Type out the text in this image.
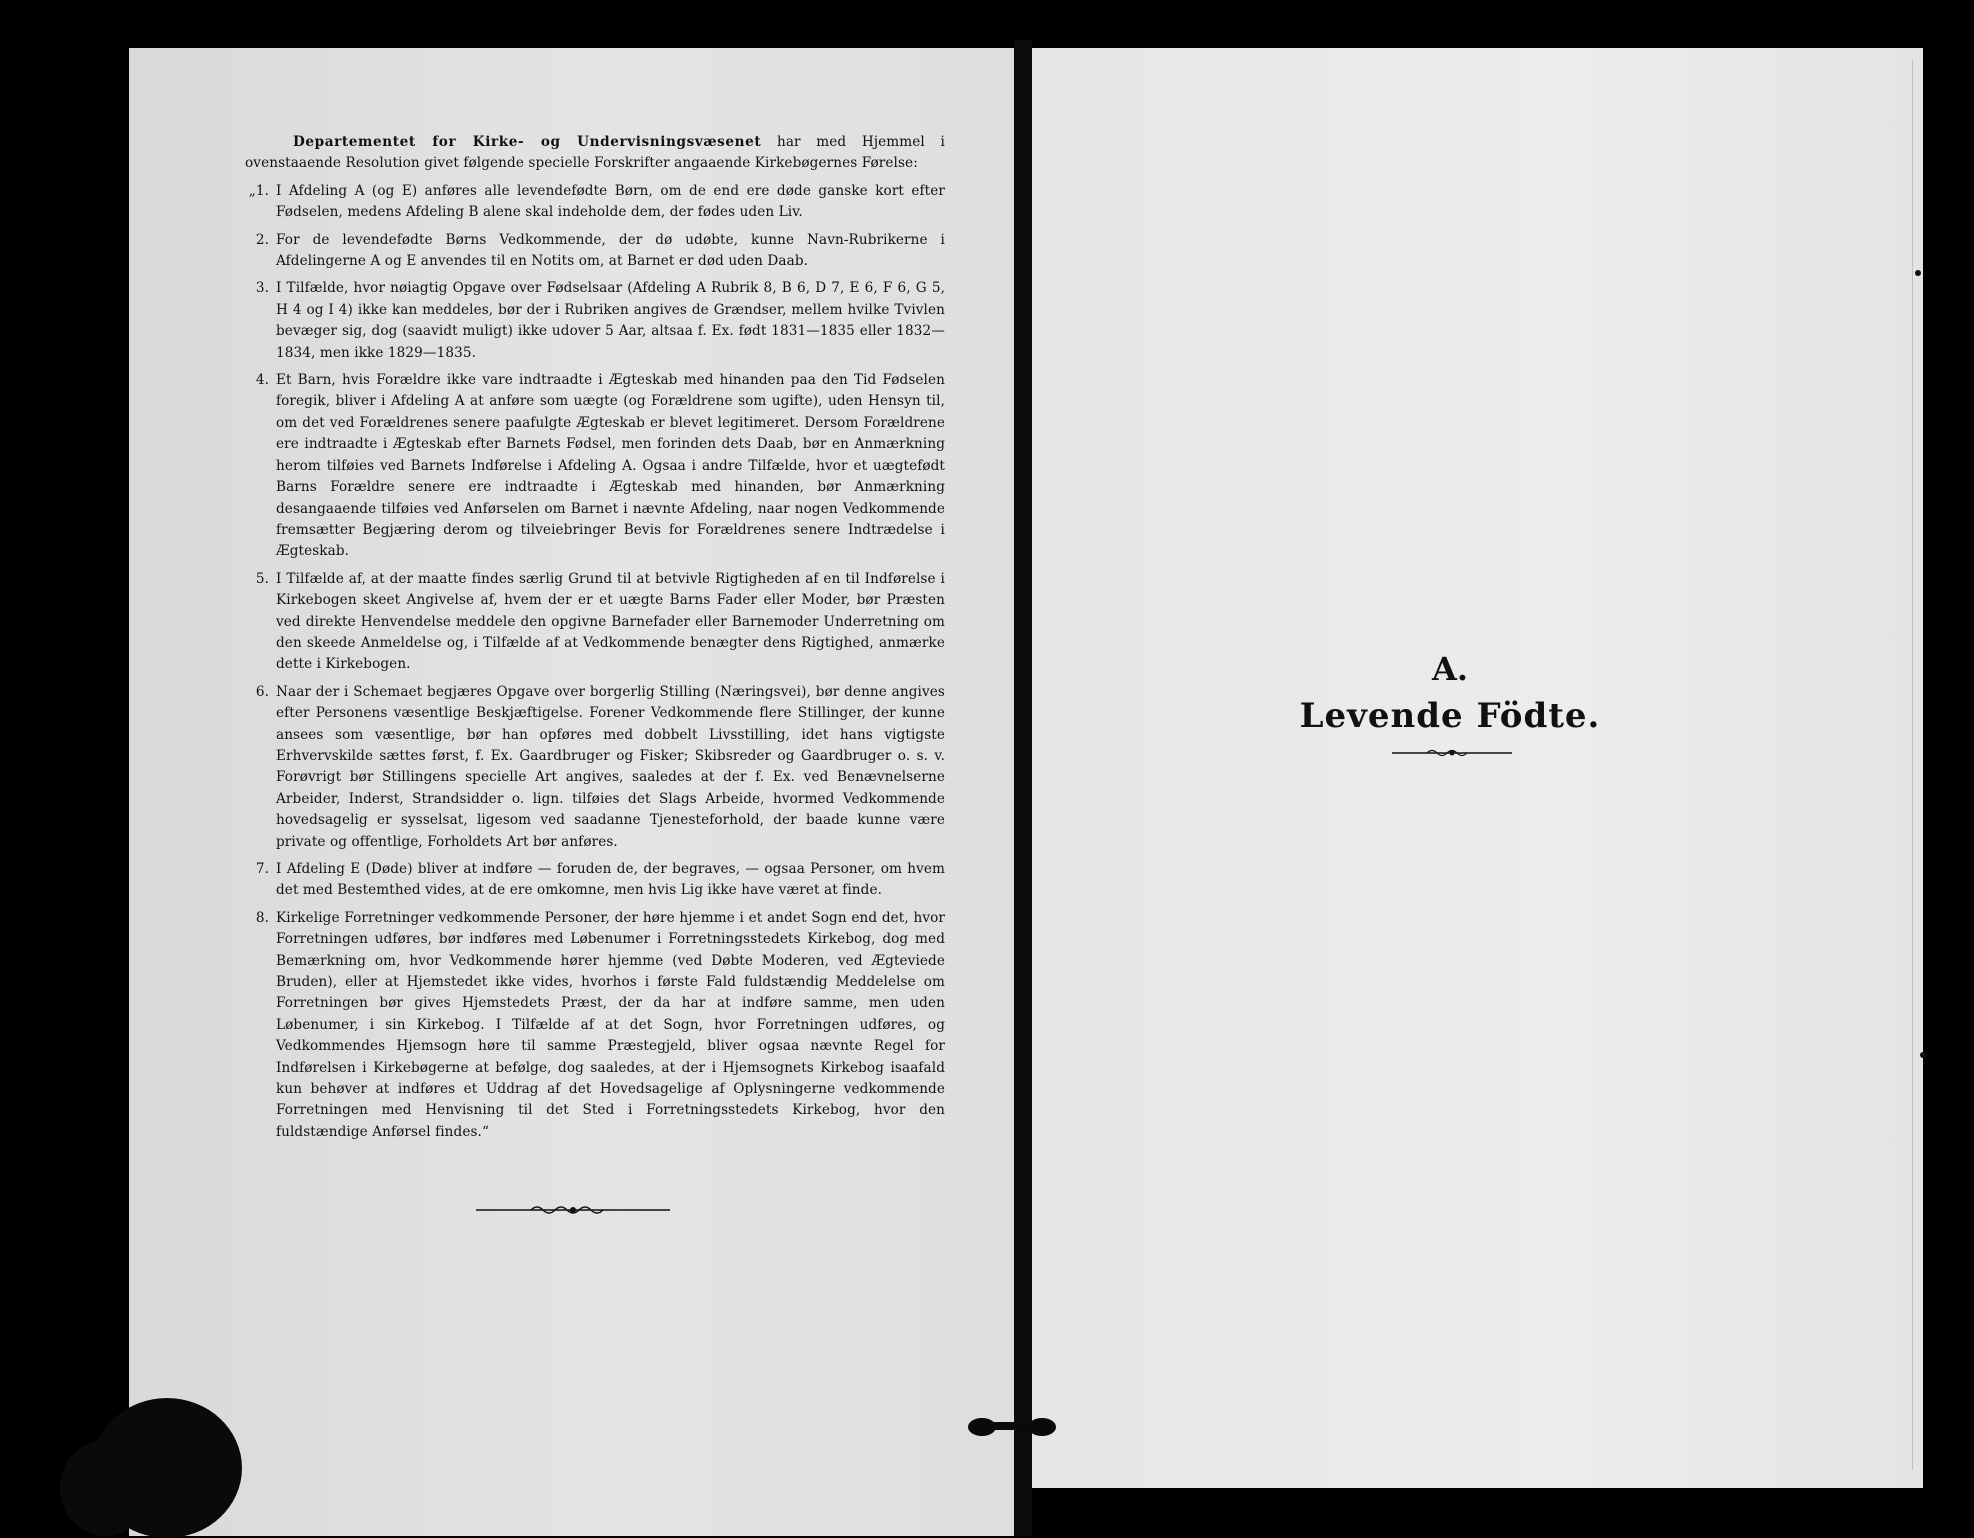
Departementet for Kirke- og Undervisningsvæsenet har med Hjemmel i ovenstaaende Resolution givet følgende specielle Forskrifter angaaende Kirkebøgernes Førelse:

„1. I Afdeling A (og E) anføres alle levendefødte Børn, om de end ere døde ganske kort efter Fødselen, medens Afdeling B alene skal indeholde dem, der fødes uden Liv.
2. For de levendefødte Børns Vedkommende, der dø udøbte, kunne Navn-Rubrikerne i Afdelingerne A og E anvendes til en Notits om, at Barnet er død uden Daab.
3. I Tilfælde, hvor nøiagtig Opgave over Fødselsaar (Afdeling A Rubrik 8, B 6, D 7, E 6, F 6, G 5, H 4 og I 4) ikke kan meddeles, bør der i Rubriken angives de Grændser, mellem hvilke Tvivlen bevæger sig, dog (saavidt muligt) ikke udover 5 Aar, altsaa f. Ex. født 1831—1835 eller 1832—1834, men ikke 1829—1835.
4. Et Barn, hvis Forældre ikke vare indtraadte i Ægteskab med hinanden paa den Tid Fødselen foregik, bliver i Afdeling A at anføre som uægte (og Forældrene som ugifte), uden Hensyn til, om det ved Forældrenes senere paafulgte Ægteskab er blevet legitimeret. Dersom Forældrene ere indtraadte i Ægteskab efter Barnets Fødsel, men forinden dets Daab, bør en Anmærkning herom tilføies ved Barnets Indførelse i Afdeling A. Ogsaa i andre Tilfælde, hvor et uægtefødt Barns Forældre senere ere indtraadte i Ægteskab med hinanden, bør Anmærkning desangaaende tilføies ved Anførselen om Barnet i nævnte Afdeling, naar nogen Vedkommende fremsætter Begjæring derom og tilveiebringer Bevis for Forældrenes senere Indtrædelse i Ægteskab.
5. I Tilfælde af, at der maatte findes særlig Grund til at betvivle Rigtigheden af en til Indførelse i Kirkebogen skeet Angivelse af, hvem der er et uægte Barns Fader eller Moder, bør Præsten ved direkte Henvendelse meddele den opgivne Barnefader eller Barnemoder Underretning om den skeede Anmeldelse og, i Tilfælde af at Vedkommende benægter dens Rigtighed, anmærke dette i Kirkebogen.
6. Naar der i Schemaet begjæres Opgave over borgerlig Stilling (Næringsvei), bør denne angives efter Personens væsentlige Beskjæftigelse. Forener Vedkommende flere Stillinger, der kunne ansees som væsentlige, bør han opføres med dobbelt Livsstilling, idet hans vigtigste Erhvervskilde sættes først, f. Ex. Gaardbruger og Fisker; Skibsreder og Gaardbruger o. s. v. Forøvrigt bør Stillingens specielle Art angives, saaledes at der f. Ex. ved Benævnelserne Arbeider, Inderst, Strandsidder o. lign. tilføies det Slags Arbeide, hvormed Vedkommende hovedsagelig er sysselsat, ligesom ved saadanne Tjenesteforhold, der baade kunne være private og offentlige, Forholdets Art bør anføres.
7. I Afdeling E (Døde) bliver at indføre — foruden de, der begraves, — ogsaa Personer, om hvem det med Bestemthed vides, at de ere omkomne, men hvis Lig ikke have været at finde.
8. Kirkelige Forretninger vedkommende Personer, der høre hjemme i et andet Sogn end det, hvor Forretningen udføres, bør indføres med Løbenumer i Forretningsstedets Kirkebog, dog med Bemærkning om, hvor Vedkommende hører hjemme (ved Døbte Moderen, ved Ægteviede Bruden), eller at Hjemstedet ikke vides, hvorhos i første Fald fuldstændig Meddelelse om Forretningen bør gives Hjemstedets Præst, der da har at indføre samme, men uden Løbenumer, i sin Kirkebog. I Tilfælde af at det Sogn, hvor Forretningen udføres, og Vedkommendes Hjemsogn høre til samme Præstegjeld, bliver ogsaa nævnte Regel for Indførelsen i Kirkebøgerne at befølge, dog saaledes, at der i Hjemsognets Kirkebog isaafald kun behøver at indføres et Uddrag af det Hovedsagelige af Oplysningerne vedkommende Forretningen med Henvisning til det Sted i Forretningsstedets Kirkebog, hvor den fuldstændige Anførsel findes.“
A.
Levende Födte.
